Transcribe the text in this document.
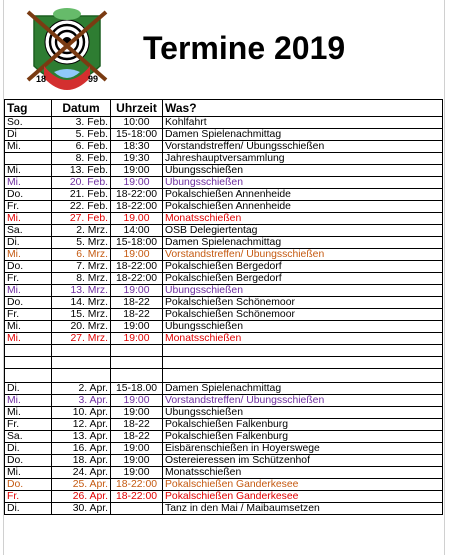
18	99
Termine 2019
Tag	Datum	Uhrzeit	Was?
So.	3. Feb.	10:00	Kohlfahrt
Di	5. Feb.	15-18:00	Damen Spielenachmittag
Mi.	6. Feb.	18:30	Vorstandstreffen/ Ubungsschießen
	8. Feb.	19:30	Jahreshauptversammlung
Mi.	13. Feb.	19:00	Ubungsschießen
Mi.	20. Feb.	19:00	Ubungsschießen
Do.	21. Feb.	18-22:00	Pokalschießen Annenheide
Fr.	22. Feb.	18-22:00	Pokalschießen Annenheide
Mi.	27. Feb.	19.00	Monatsschießen
Sa.	2. Mrz.	14:00	OSB Delegiertentag
Di.	5. Mrz.	15-18:00	Damen Spielenachmittag
Mi.	6. Mrz.	19:00	Vorstandstreffen/ Ubungsschießen
Do.	7. Mrz.	18-22:00	Pokalschießen Bergedorf
Fr.	8. Mrz.	18-22:00	Pokalschießen Bergedorf
Mi.	13. Mrz.	19:00	Ubungsschießen
Do.	14. Mrz.	18-22	Pokalschießen Schönemoor
Fr.	15. Mrz.	18-22	Pokalschießen Schönemoor
Mi.	20. Mrz.	19:00	Ubungsschießen
Mi.	27. Mrz.	19:00	Monatsschießen

Di.	2. Apr.	15-18.00	Damen Spielenachmittag
Mi.	3. Apr.	19:00	Vorstandstreffen/ Ubungsschießen
Mi.	10. Apr.	19:00	Ubungsschießen
Fr.	12. Apr.	18-22	Pokalschießen Falkenburg
Sa.	13. Apr.	18-22	Pokalschießen Falkenburg
Di.	16. Apr.	19:00	Eisbärenschießen in Hoyerswege
Do.	18. Apr.	19:00	Ostereieressen im Schützenhof
Mi.	24. Apr.	19:00	Monatsschießen
Do.	25. Apr.	18-22:00	Pokalschießen Ganderkesee
Fr.	26. Apr.	18-22:00	Pokalschießen Ganderkesee
Di.	30. Apr.		Tanz in den Mai / Maibaumsetzen
